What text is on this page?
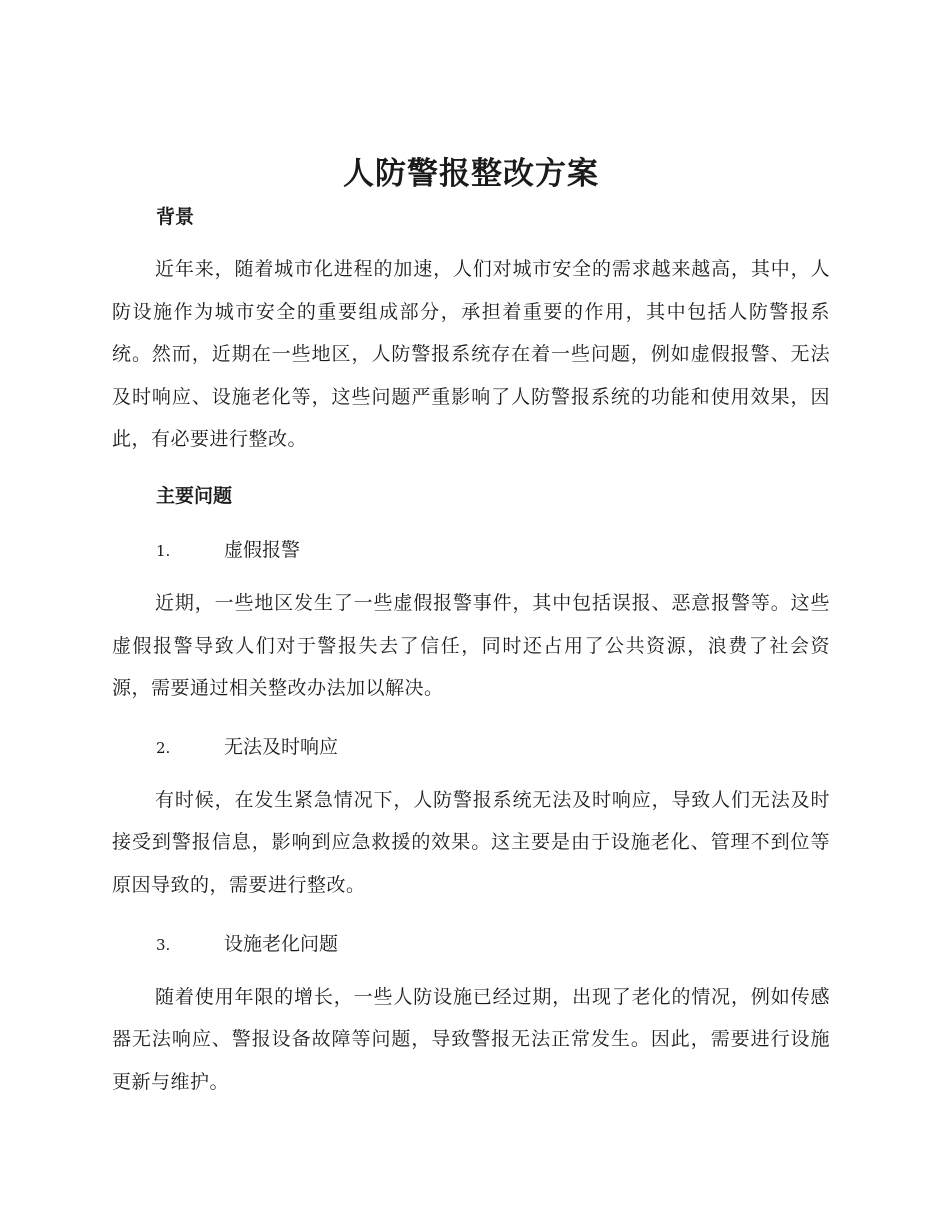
人防警报整改方案
背景

近年来，随着城市化进程的加速，人们对城市安全的需求越来越高，其中，人防设施作为城市安全的重要组成部分，承担着重要的作用，其中包括人防警报系统。然而，近期在一些地区，人防警报系统存在着一些问题，例如虚假报警、无法及时响应、设施老化等，这些问题严重影响了人防警报系统的功能和使用效果，因此，有必要进行整改。

主要问题
1.	虚假报警

近期，一些地区发生了一些虚假报警事件，其中包括误报、恶意报警等。这些虚假报警导致人们对于警报失去了信任，同时还占用了公共资源，浪费了社会资源，需要通过相关整改办法加以解决。

2.	无法及时响应

有时候，在发生紧急情况下，人防警报系统无法及时响应，导致人们无法及时接受到警报信息，影响到应急救援的效果。这主要是由于设施老化、管理不到位等原因导致的，需要进行整改。

3.	设施老化问题

随着使用年限的增长，一些人防设施已经过期，出现了老化的情况，例如传感器无法响应、警报设备故障等问题，导致警报无法正常发生。因此，需要进行设施更新与维护。
